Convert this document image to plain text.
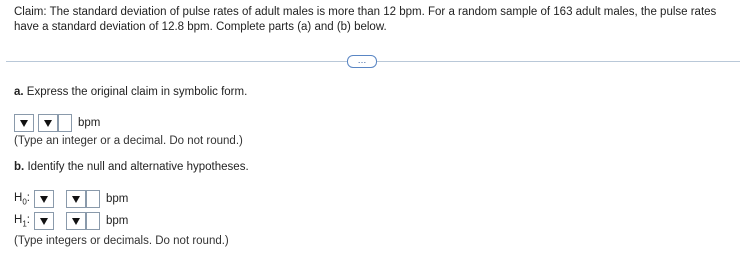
Claim: The standard deviation of pulse rates of adult males is more than 12 bpm. For a random sample of 163 adult males, the pulse rates have a standard deviation of 12.8 bpm. Complete parts (a) and (b) below.
…
a. Express the original claim in symbolic form.
bpm
(Type an integer or a decimal. Do not round.)
b. Identify the null and alternative hypotheses.
$H_0$:	bpm
$H_1$:	bpm
(Type integers or decimals. Do not round.)
